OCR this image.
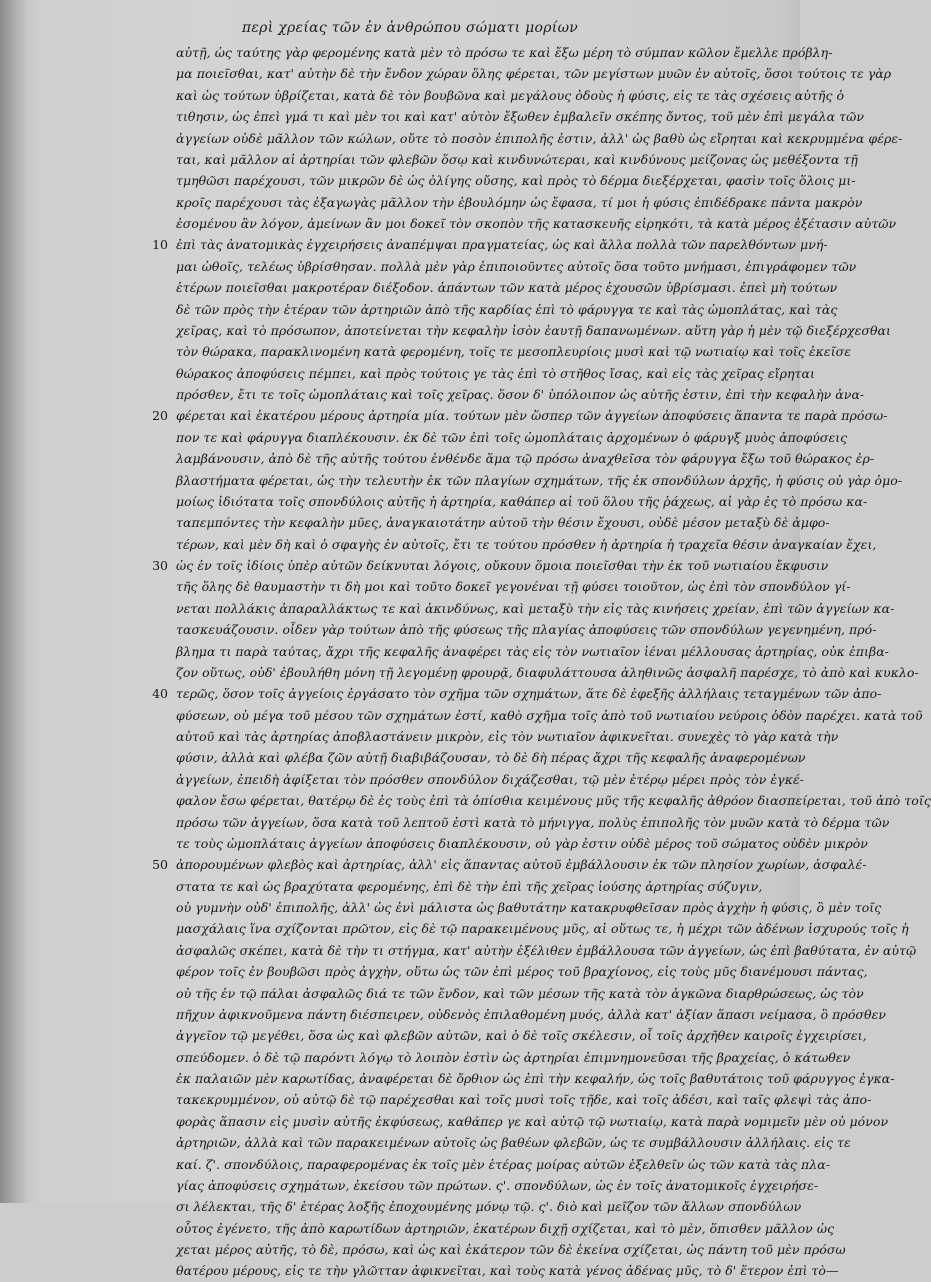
περὶ χρείας τῶν ἐν ἀνθρώπου σώματι μορίων
αὐτῇ, ὡς ταύτης γὰρ φερομένης κατὰ μὲν τὸ πρόσω τε καὶ ἔξω μέρη τὸ σύμπαν κῶλον ἔμελλε πρόβλη-
μα ποιεῖσθαι, κατ' αὐτὴν δὲ τὴν ἔνδον χώραν ὅλης φέρεται, τῶν μεγίστων μυῶν ἐν αὐτοῖς, ὅσοι τούτοις τε γὰρ
καὶ ὡς τούτων ὑβρίζεται, κατὰ δὲ τὸν βουβῶνα καὶ μεγάλους ὀδοὺς ἡ φύσις, εἰς τε τὰς σχέσεις αὐτῆς ὁ
τιθησιν, ὡς ἐπεὶ γμά τι καὶ μὲν τοι καὶ κατ' αὐτὸν ἔξωθεν ἐμβαλεῖν σκέπης ὄντος, τοῦ μὲν ἐπὶ μεγάλα τῶν
ἀγγείων οὐδὲ μᾶλλον τῶν κώλων, οὔτε τὸ ποσὸν ἐπιπολῆς ἐστιν, ἀλλ' ὡς βαθὺ ὡς εἴρηται καὶ κεκρυμμένα φέρε-
ται, καὶ μᾶλλον αἱ ἀρτηρίαι τῶν φλεβῶν ὅσῳ καὶ κινδυνώτεραι, καὶ κινδύνους μείζονας ὡς μεθέξοντα τῇ
τμηθῶσι παρέχουσι, τῶν μικρῶν δὲ ὡς ὀλίγης οὔσης, καὶ πρὸς τὸ δέρμα διεξέρχεται, φασὶν τοῖς ὅλοις μι-
κροῖς παρέχουσι τὰς ἐξαγωγὰς μᾶλλον τὴν ἐβουλόμην ὡς ἔφασα, τί μοι ἡ φύσις ἐπιδέδρακε πάντα μακρὸν
ἐσομένου ἂν λόγον, ἀμείνων ἂν μοι δοκεῖ τὸν σκοπὸν τῆς κατασκευῆς εἰρηκότι, τὰ κατὰ μέρος ἐξέτασιν αὐτῶν
ἐπὶ τὰς ἀνατομικὰς ἐγχειρήσεις ἀναπέμψαι πραγματείας, ὡς καὶ ἄλλα πολλὰ τῶν παρελθόντων μνή-
μαι ὠθοῖς, τελέως ὑβρίσθησαν. πολλὰ μὲν γὰρ ἐπιποιοῦντες αὐτοῖς ὅσα τοῦτο μνήμασι, ἐπιγράφομεν τῶν
ἑτέρων ποιεῖσθαι μακροτέραν διέξοδον. ἀπάντων τῶν κατὰ μέρος ἐχουσῶν ὑβρίσμασι. ἐπεὶ μὴ τούτων
δὲ τῶν πρὸς τὴν ἑτέραν τῶν ἀρτηριῶν ἀπὸ τῆς καρδίας ἐπὶ τὸ φάρυγγα τε καὶ τὰς ὠμοπλάτας, καὶ τὰς
χεῖρας, καὶ τὸ πρόσωπον, ἀποτείνεται τὴν κεφαλὴν ἰσὸν ἑαυτῇ δαπανωμένων. αὕτη γὰρ ἡ μὲν τῷ διεξέρχεσθαι
τὸν θώρακα, παρακλινομένη κατὰ φερομένη, τοῖς τε μεσοπλευρίοις μυσὶ καὶ τῷ νωτιαίῳ καὶ τοῖς ἐκεῖσε
θώρακος ἀποφύσεις πέμπει, καὶ πρὸς τούτοις γε τὰς ἐπὶ τὸ στῆθος ἴσας, καὶ εἰς τὰς χεῖρας εἴρηται
πρόσθεν, ἔτι τε τοῖς ὠμοπλάταις καὶ τοῖς χεῖρας. ὅσον δ' ὑπόλοιπον ὡς αὐτῆς ἐστιν, ἐπὶ τὴν κεφαλὴν ἀνα-
φέρεται καὶ ἑκατέρου μέρους ἀρτηρία μία. τούτων μὲν ὥσπερ τῶν ἀγγείων ἀποφύσεις ἅπαντα τε παρὰ πρόσω-
πον τε καὶ φάρυγγα διαπλέκουσιν. ἐκ δὲ τῶν ἐπὶ τοῖς ὠμοπλάταις ἀρχομένων ὁ φάρυγξ μυὸς ἀποφύσεις
λαμβάνουσιν, ἀπὸ δὲ τῆς αὐτῆς τούτου ἐνθένδε ἅμα τῷ πρόσω ἀναχθεῖσα τὸν φάρυγγα ἔξω τοῦ θώρακος ἐρ-
βλαστήματα φέρεται, ὡς τὴν τελευτὴν ἐκ τῶν πλαγίων σχημάτων, τῆς ἐκ σπονδύλων ἀρχῆς, ἡ φύσις οὐ γὰρ ὁμο-
μοίως ἰδιότατα τοῖς σπονδύλοις αὐτῆς ἡ ἀρτηρία, καθάπερ αἱ τοῦ ὅλου τῆς ῥάχεως, αἱ γὰρ ἐς τὸ πρόσω κα-
ταπεμπόντες τὴν κεφαλὴν μῦες, ἀναγκαιοτάτην αὐτοῦ τὴν θέσιν ἔχουσι, οὐδὲ μέσον μεταξὺ δὲ ἀμφο-
τέρων, καὶ μὲν δὴ καὶ ὁ σφαγὴς ἐν αὐτοῖς, ἔτι τε τούτου πρόσθεν ἡ ἀρτηρία ἡ τραχεῖα θέσιν ἀναγκαίαν ἔχει,
ὡς ἐν τοῖς ἰδίοις ὑπὲρ αὐτῶν δείκνυται λόγοις, οὔκουν ὅμοια ποιεῖσθαι τὴν ἐκ τοῦ νωτιαίου ἔκφυσιν
τῆς ὅλης δὲ θαυμαστὴν τι δὴ μοι καὶ τοῦτο δοκεῖ γεγονέναι τῇ φύσει τοιοῦτον, ὡς ἐπὶ τὸν σπονδύλον γί-
νεται πολλάκις ἀπαραλλάκτως τε καὶ ἀκινδύνως, καὶ μεταξὺ τὴν εἰς τὰς κινήσεις χρείαν, ἐπὶ τῶν ἀγγείων κα-
τασκευάζουσιν. οἶδεν γὰρ τούτων ἀπὸ τῆς φύσεως τῆς πλαγίας ἀποφύσεις τῶν σπονδύλων γεγενημένη, πρό-
βλημα τι παρὰ ταύτας, ἄχρι τῆς κεφαλῆς ἀναφέρει τὰς εἰς τὸν νωτιαῖον ἰέναι μέλλουσας ἀρτηρίας, οὐκ ἐπιβα-
ζον οὕτως, οὐδ' ἐβουλήθη μόνη τῇ λεγομένῃ φρουρᾷ, διαφυλάττουσα ἀληθινῶς ἀσφαλῆ παρέσχε, τὸ ἀπὸ καὶ κυκλο-
τερῶς, ὅσον τοῖς ἀγγείοις ἐργάσατο τὸν σχῆμα τῶν σχημάτων, ἅτε δὲ ἐφεξῆς ἀλλήλαις τεταγμένων τῶν ἀπο-
φύσεων, οὐ μέγα τοῦ μέσου τῶν σχημάτων ἐστί, καθὸ σχῆμα τοῖς ἀπὸ τοῦ νωτιαίου νεύροις ὁδὸν παρέχει. κατὰ τοῦ
αὐτοῦ καὶ τὰς ἀρτηρίας ἀποβλαστάνειν μικρὸν, εἰς τὸν νωτιαῖον ἀφικνεῖται. συνεχὲς τὸ γὰρ κατὰ τὴν
φύσιν, ἀλλὰ καὶ φλέβα ζῶν αὐτῇ διαβιβάζουσαν, τὸ δὲ δὴ πέρας ἄχρι τῆς κεφαλῆς ἀναφερομένων
ἀγγείων, ἐπειδὴ ἀφίξεται τὸν πρόσθεν σπονδύλον διχάζεσθαι, τῷ μὲν ἑτέρῳ μέρει πρὸς τὸν ἐγκέ-
φαλον ἔσω φέρεται, θατέρῳ δὲ ἐς τοὺς ἐπὶ τὰ ὀπίσθια κειμένους μῦς τῆς κεφαλῆς ἀθρόον διασπείρεται, τοῦ ἀπὸ τοῖς
πρόσω τῶν ἀγγείων, ὅσα κατὰ τοῦ λεπτοῦ ἐστὶ κατὰ τὸ μήνιγγα, πολὺς ἐπιπολῆς τὸν μυῶν κατὰ τὸ δέρμα τῶν
τε τοὺς ὠμοπλάταις ἀγγείων ἀποφύσεις διαπλέκουσιν, οὐ γὰρ ἐστιν οὐδὲ μέρος τοῦ σώματος οὐδὲν μικρὸν
ἀπορουμένων φλεβὸς καὶ ἀρτηρίας, ἀλλ' εἰς ἅπαντας αὐτοῦ ἐμβάλλουσιν ἐκ τῶν πλησίον χωρίων, ἀσφαλέ-
στατα τε καὶ ὡς βραχύτατα φερομένης, ἐπὶ δὲ τὴν ἐπὶ τῆς χεῖρας ἰούσης ἀρτηρίας σύζυγιν,
οὐ γυμνὴν οὐδ' ἐπιπολῆς, ἀλλ' ὡς ἐνὶ μάλιστα ὡς βαθυτάτην κατακρυφθεῖσαν πρὸς ἀγχὴν ἡ φύσις, ὃ μὲν τοῖς
μασχάλαις ἵνα σχίζονται πρῶτον, εἰς δὲ τῷ παρακειμένους μῦς, αἱ οὕτως τε, ἡ μέχρι τῶν ἀδένων ἰσχυρούς τοῖς ἡ
ἀσφαλῶς σκέπει, κατὰ δὲ τὴν τι στήγμα, κατ' αὐτὴν ἐξέλιθεν ἐμβάλλουσα τῶν ἀγγείων, ὡς ἐπὶ βαθύτατα, ἐν αὐτῷ
φέρον τοῖς ἐν βουβῶσι πρὸς ἀγχὴν, οὕτω ὡς τῶν ἐπὶ μέρος τοῦ βραχίονος, εἰς τοὺς μῦς διανέμουσι πάντας,
οὐ τῆς ἐν τῷ πάλαι ἀσφαλῶς διά τε τῶν ἔνδον, καὶ τῶν μέσων τῆς κατὰ τὸν ἀγκῶνα διαρθρώσεως, ὡς τὸν
πῆχυν ἀφικνοῦμενα πάντη διέσπειρεν, οὐδενὸς ἐπιλαθομένη μυός, ἀλλὰ κατ' ἀξίαν ἅπασι νείμασα, ὃ πρόσθεν
ἀγγεῖον τῷ μεγέθει, ὅσα ὡς καὶ φλεβῶν αὐτῶν, καὶ ὁ δὲ τοῖς σκέλεσιν, οἷ τοῖς ἀρχῆθεν καιροῖς ἐγχειρίσει,
σπεύδομεν. ὁ δὲ τῷ παρόντι λόγῳ τὸ λοιπὸν ἐστὶν ὡς ἀρτηρίαι ἐπιμνημονεῦσαι τῆς βραχείας, ὁ κάτωθεν
ἐκ παλαιῶν μὲν καρωτίδας, ἀναφέρεται δὲ ὄρθιον ὡς ἐπὶ τὴν κεφαλήν, ὡς τοῖς βαθυτάτοις τοῦ φάρυγγος ἐγκα-
τακεκρυμμένον, οὐ αὐτῷ δὲ τῷ παρέχεσθαι καὶ τοῖς μυσὶ τοῖς τῇδε, καὶ τοῖς ἀδέσι, καὶ ταῖς φλεψὶ τὰς ἀπο-
φορὰς ἅπασιν εἰς μυσὶν αὐτῆς ἐκφύσεως, καθάπερ γε καὶ αὐτῷ τῷ νωτιαίῳ, κατὰ παρὰ νομιμεῖν μὲν οὐ μόνον
ἀρτηριῶν, ἀλλὰ καὶ τῶν παρακειμένων αὐτοῖς ὡς βαθέων φλεβῶν, ὡς τε συμβάλλουσιν ἀλλήλαις. εἰς τε
καί. ζ'. σπονδύλοις, παραφερομένας ἐκ τοῖς μὲν ἑτέρας μοίρας αὐτῶν ἐξελθεῖν ὡς τῶν κατὰ τὰς πλα-
γίας ἀποφύσεις σχημάτων, ἐκείσου τῶν πρώτων. ς'. σπονδύλων, ὡς ἐν τοῖς ἀνατομικοῖς ἐγχειρήσε-
σι λέλεκται, τῆς δ' ἑτέρας λοξῆς ἐποχουμένης μόνῳ τῷ. ς'. διὸ καὶ μεῖζον τῶν ἄλλων σπονδύλων
οὗτος ἐγένετο, τῆς ἀπὸ καρωτίδων ἀρτηριῶν, ἑκατέρων διχῇ σχίζεται, καὶ τὸ μὲν, ὅπισθεν μᾶλλον ὡς
χεται μέρος αὐτῆς, τὸ δὲ, πρόσω, καὶ ὡς καὶ ἑκάτερον τῶν δὲ ἑκείνα σχίζεται, ὡς πάντη τοῦ μὲν πρόσω
θατέρου μέρους, εἰς τε τὴν γλῶτταν ἀφικνεῖται, καὶ τοὺς κατὰ γένος ἀδένας μῦς, τὸ δ' ἕτερον ἐπὶ τὸ—
10
20
30
40
50
